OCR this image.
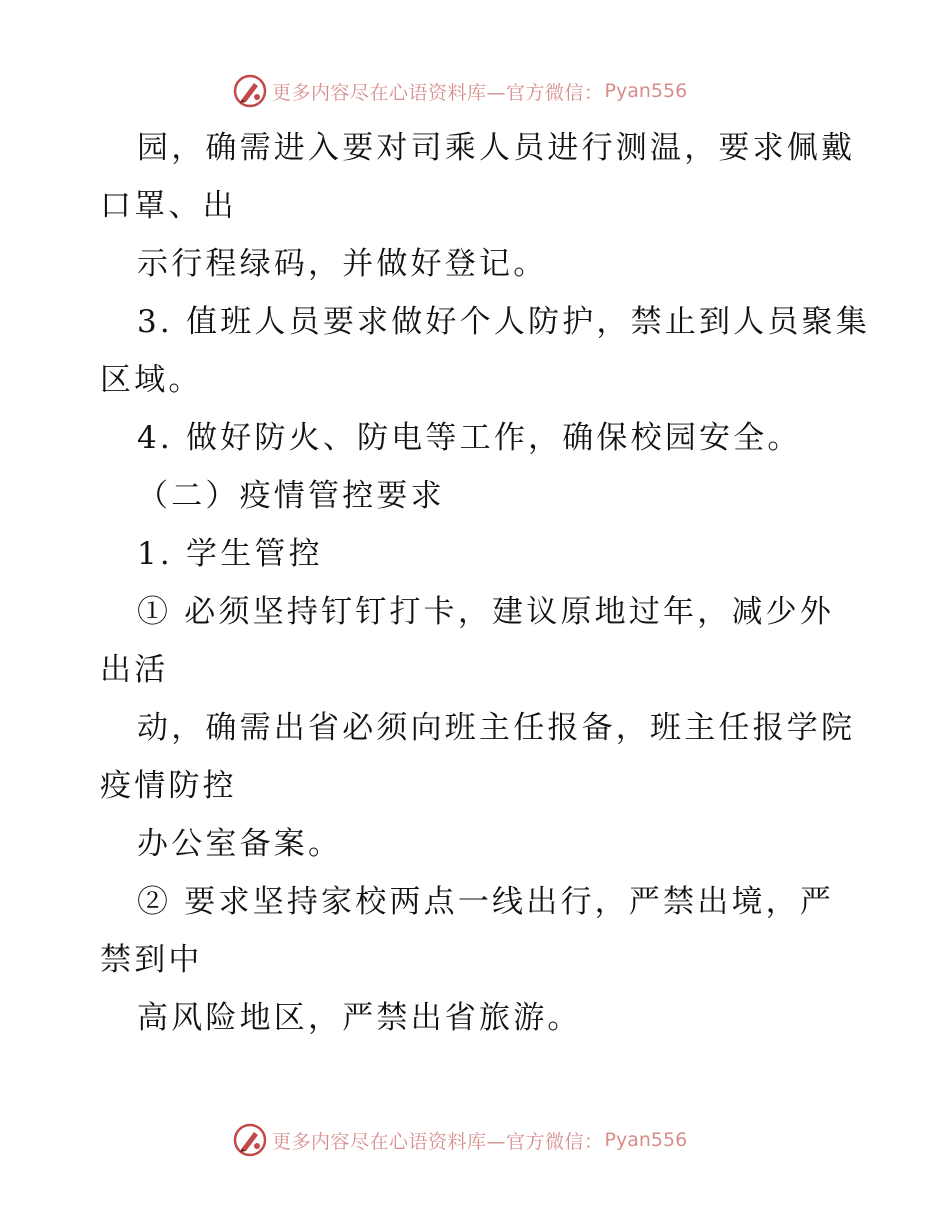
更多内容尽在心语资料库—官方微信： Pyan556
园，确需进入要对司乘人员进行测温，要求佩戴
口罩、出
示行程绿码，并做好登记。
3. 值班人员要求做好个人防护，禁止到人员聚集
区域。
4. 做好防火、防电等工作，确保校园安全。
（二）疫情管控要求
1. 学生管控
① 必须坚持钉钉打卡，建议原地过年，减少外
出活
动，确需出省必须向班主任报备，班主任报学院
疫情防控
办公室备案。
② 要求坚持家校两点一线出行，严禁出境，严
禁到中
高风险地区，严禁出省旅游。
更多内容尽在心语资料库—官方微信： Pyan556
